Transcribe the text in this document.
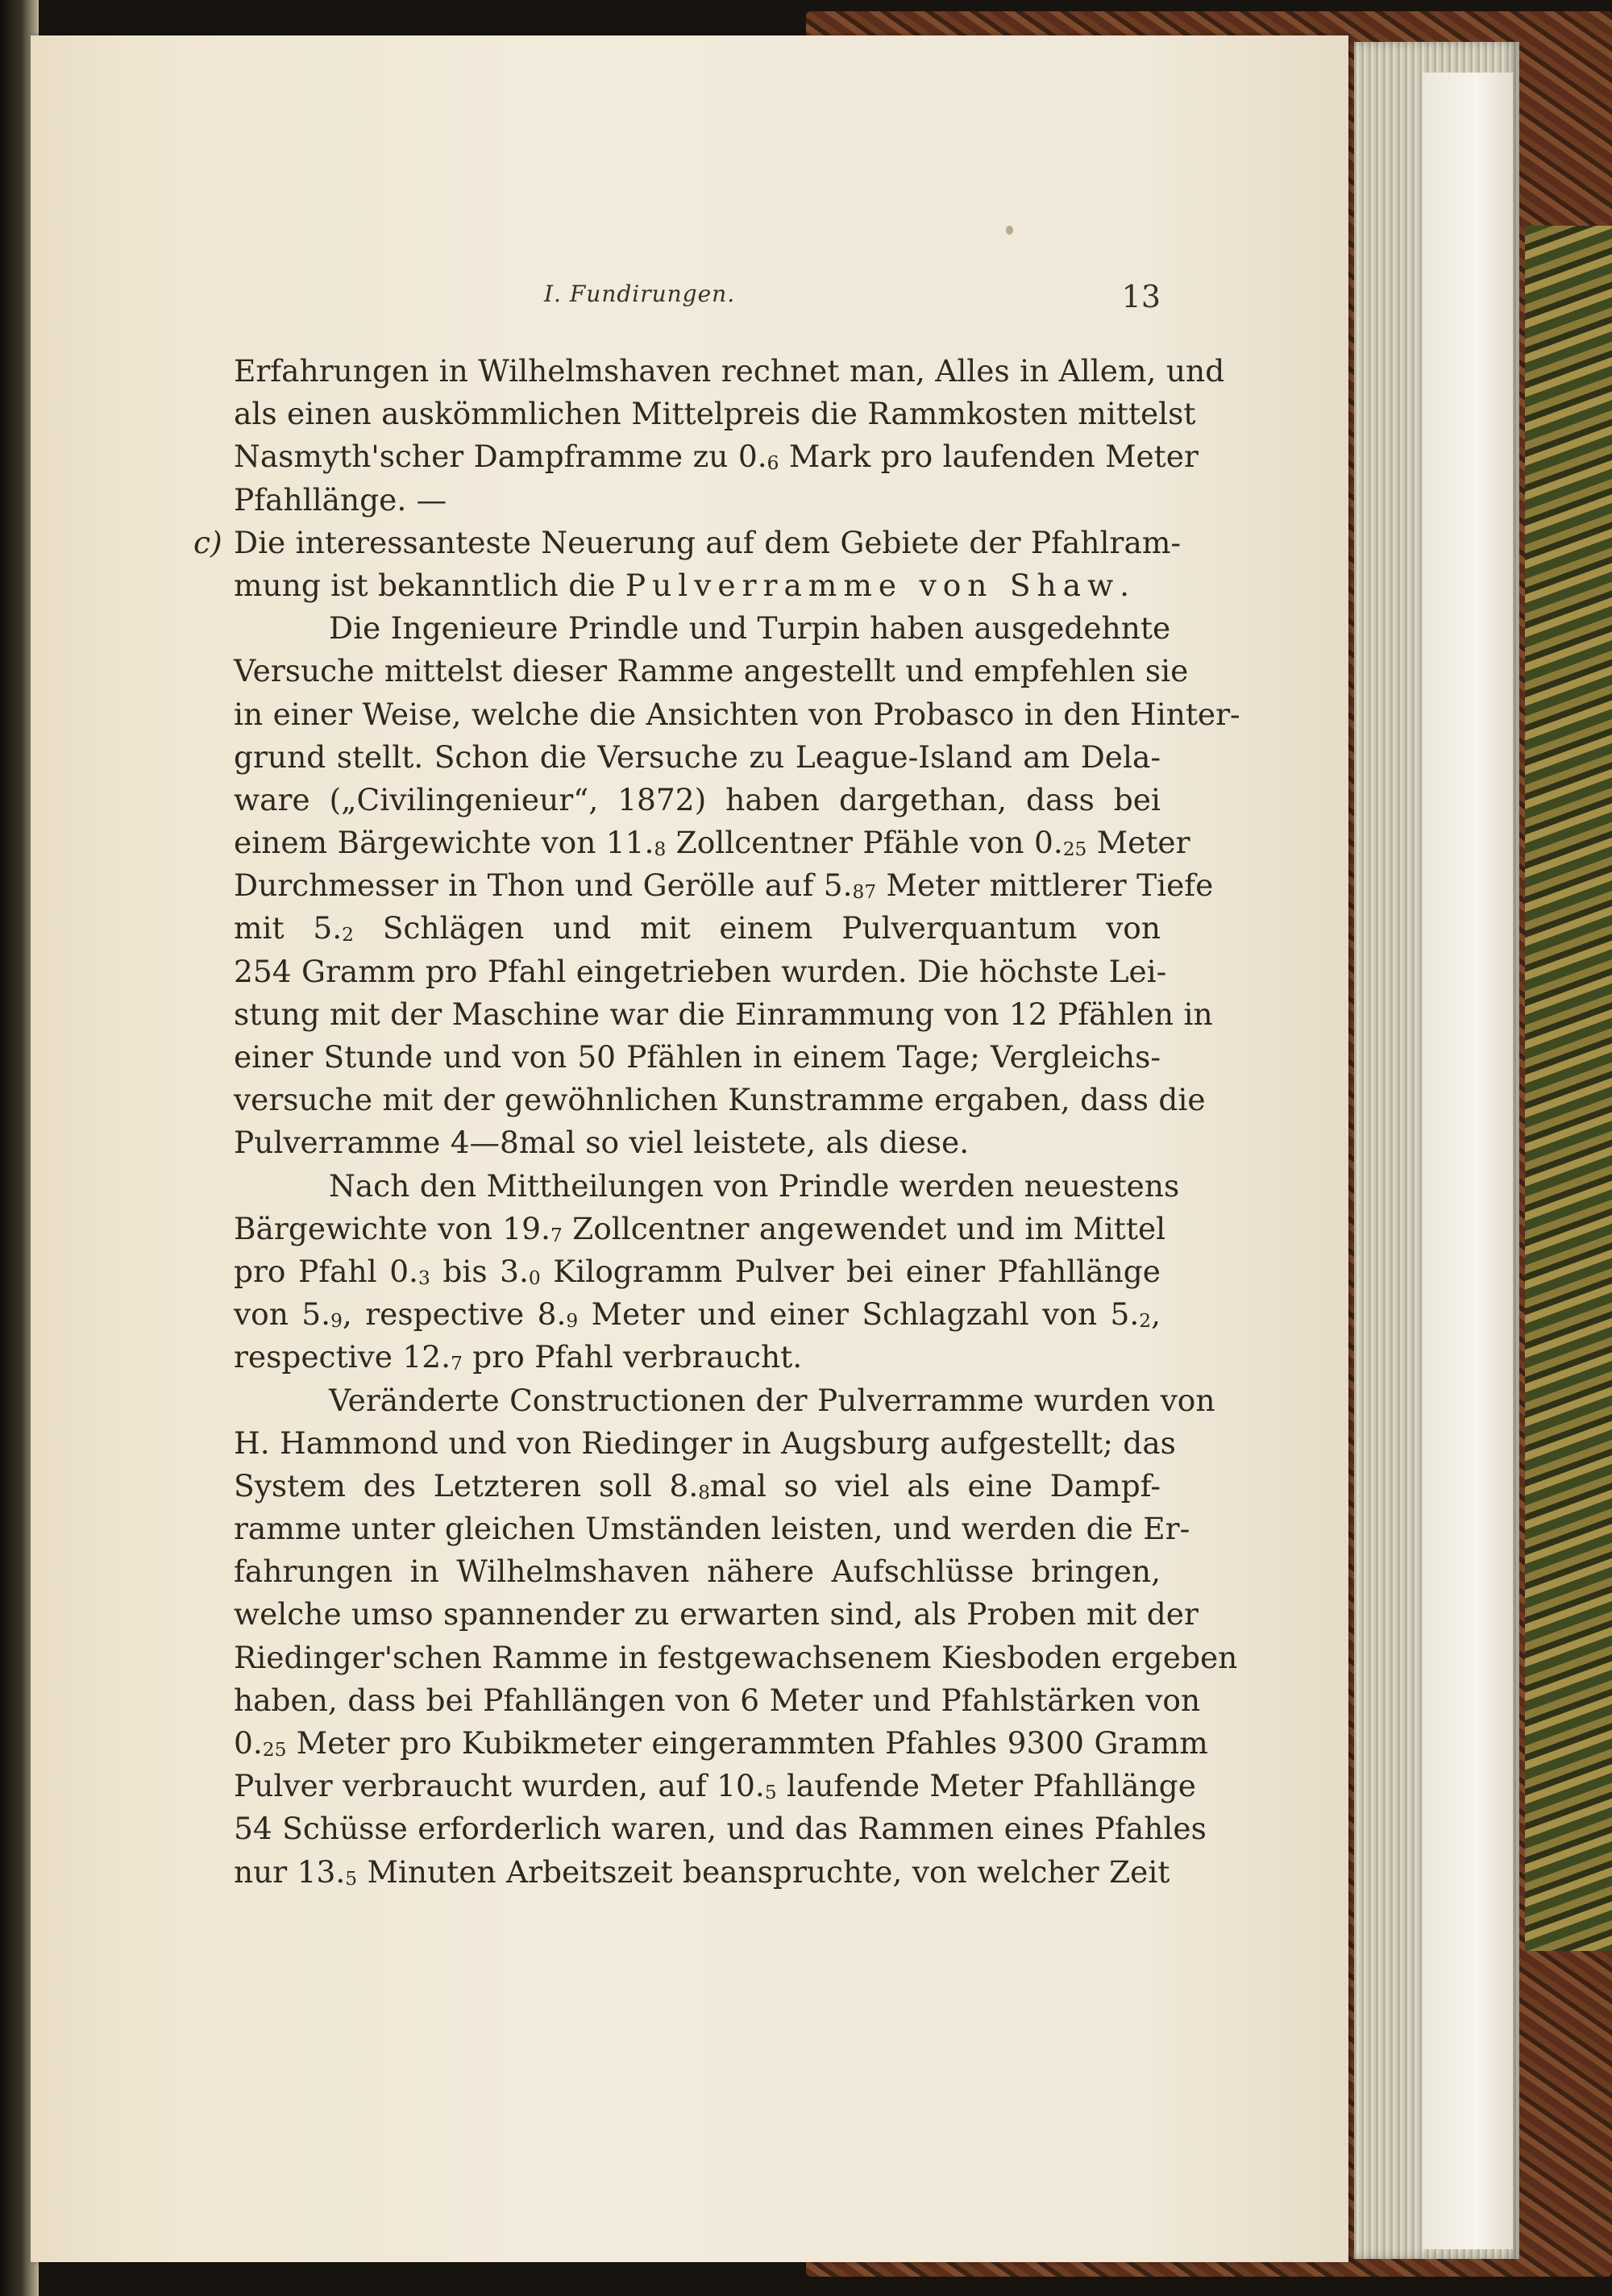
I. Fundirungen.	13
Erfahrungen in Wilhelmshaven rechnet man, Alles in Allem, und
als einen auskömmlichen Mittelpreis die Rammkosten mittelst
Nasmyth'scher Dampframme zu $0._6$ Mark pro laufenden Meter
Pfahllänge. —
c) Die interessanteste Neuerung auf dem Gebiete der Pfahlram-
mung ist bekanntlich die Pulverramme von Shaw.
Die Ingenieure Prindle und Turpin haben ausgedehnte
Versuche mittelst dieser Ramme angestellt und empfehlen sie
in einer Weise, welche die Ansichten von Probasco in den Hinter-
grund stellt. Schon die Versuche zu League-Island am Dela-
ware („Civilingenieur“, 1872) haben dargethan, dass bei
einem Bärgewichte von $11._8$ Zollcentner Pfähle von $0._{25}$ Meter
Durchmesser in Thon und Gerölle auf $5._{87}$ Meter mittlerer Tiefe
mit $5._2$ Schlägen und mit einem Pulverquantum von
254 Gramm pro Pfahl eingetrieben wurden. Die höchste Lei-
stung mit der Maschine war die Einrammung von 12 Pfählen in
einer Stunde und von 50 Pfählen in einem Tage; Vergleichs-
versuche mit der gewöhnlichen Kunstramme ergaben, dass die
Pulverramme 4—8mal so viel leistete, als diese.
Nach den Mittheilungen von Prindle werden neuestens
Bärgewichte von $19._7$ Zollcentner angewendet und im Mittel
pro Pfahl $0._3$ bis $3._0$ Kilogramm Pulver bei einer Pfahllänge
von $5._9$, respective $8._9$ Meter und einer Schlagzahl von $5._2$,
respective $12._7$ pro Pfahl verbraucht.
Veränderte Constructionen der Pulverramme wurden von
H. Hammond und von Riedinger in Augsburg aufgestellt; das
System des Letzteren soll $8._8mal$ so viel als eine Dampf-
ramme unter gleichen Umständen leisten, und werden die Er-
fahrungen in Wilhelmshaven nähere Aufschlüsse bringen,
welche umso spannender zu erwarten sind, als Proben mit der
Riedinger'schen Ramme in festgewachsenem Kiesboden ergeben
haben, dass bei Pfahllängen von 6 Meter und Pfahlstärken von
$0._{25}$ Meter pro Kubikmeter eingerammten Pfahles 9300 Gramm
Pulver verbraucht wurden, auf $10._5$ laufende Meter Pfahllänge
54 Schüsse erforderlich waren, und das Rammen eines Pfahles
nur $13._5$ Minuten Arbeitszeit beanspruchte, von welcher Zeit
